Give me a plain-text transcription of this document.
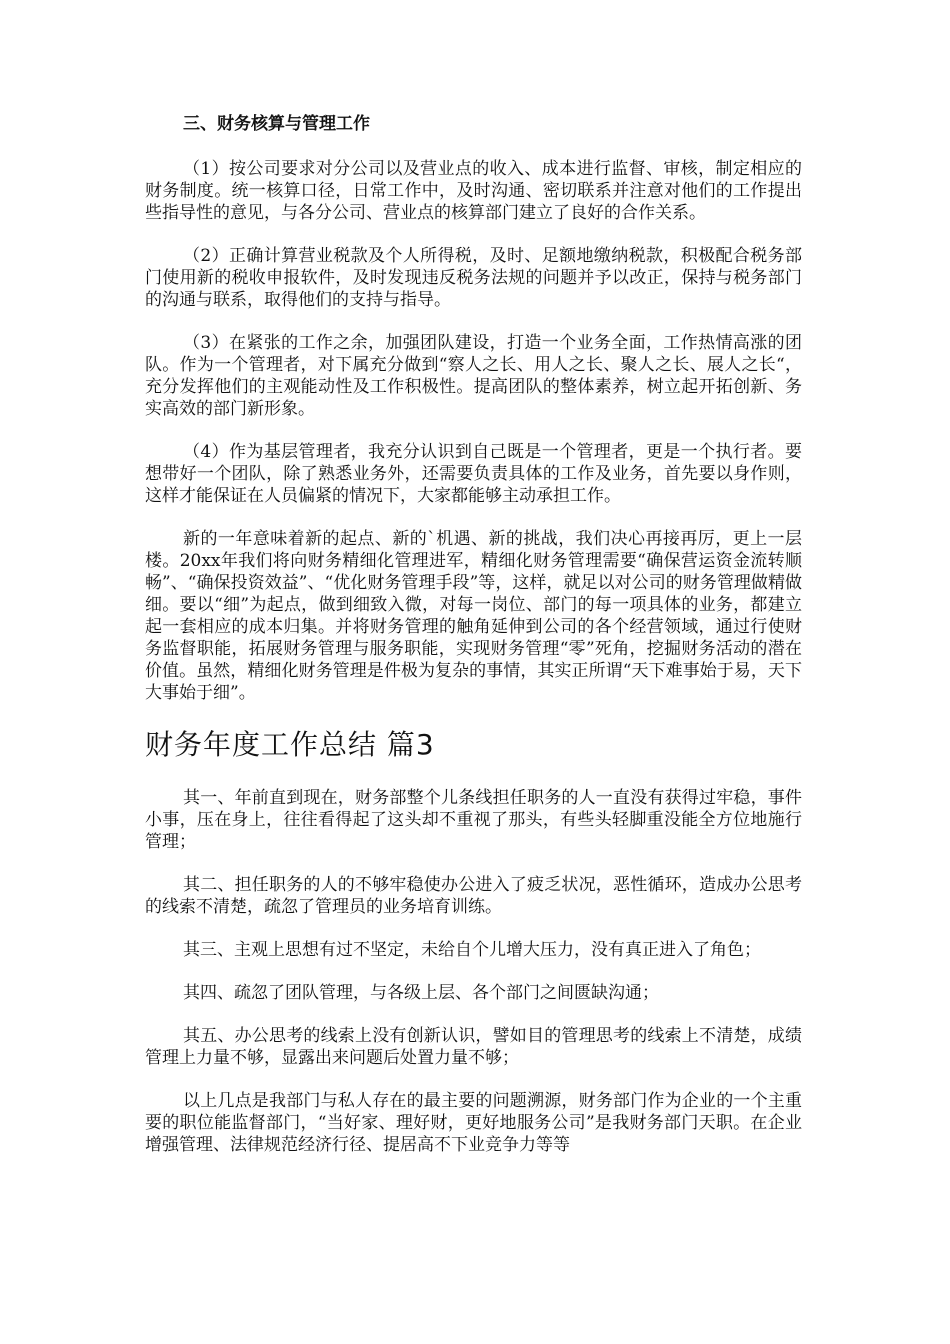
三、财务核算与管理工作

（1）按公司要求对分公司以及营业点的收入、成本进行监督、审核，制定相应的财务制度。统一核算口径，日常工作中，及时沟通、密切联系并注意对他们的工作提出些指导性的意见，与各分公司、营业点的核算部门建立了良好的合作关系。

（2）正确计算营业税款及个人所得税，及时、足额地缴纳税款，积极配合税务部门使用新的税收申报软件，及时发现违反税务法规的问题并予以改正，保持与税务部门的沟通与联系，取得他们的支持与指导。

（3）在紧张的工作之余，加强团队建设，打造一个业务全面，工作热情高涨的团队。作为一个管理者，对下属充分做到“察人之长、用人之长、聚人之长、展人之长“，充分发挥他们的主观能动性及工作积极性。提高团队的整体素养，树立起开拓创新、务实高效的部门新形象。

（4）作为基层管理者，我充分认识到自己既是一个管理者，更是一个执行者。要想带好一个团队，除了熟悉业务外，还需要负责具体的工作及业务，首先要以身作则，这样才能保证在人员偏紧的情况下，大家都能够主动承担工作。

新的一年意味着新的起点、新的`机遇、新的挑战，我们决心再接再厉，更上一层楼。20xx年我们将向财务精细化管理进军，精细化财务管理需要“确保营运资金流转顺畅”、“确保投资效益”、“优化财务管理手段”等，这样，就足以对公司的财务管理做精做细。要以“细”为起点，做到细致入微，对每一岗位、部门的每一项具体的业务，都建立起一套相应的成本归集。并将财务管理的触角延伸到公司的各个经营领域，通过行使财务监督职能，拓展财务管理与服务职能，实现财务管理“零”死角，挖掘财务活动的潜在价值。虽然，精细化财务管理是件极为复杂的事情，其实正所谓“天下难事始于易，天下大事始于细”。

财务年度工作总结 篇3

其一、年前直到现在，财务部整个儿条线担任职务的人一直没有获得过牢稳，事件小事，压在身上，往往看得起了这头却不重视了那头，有些头轻脚重没能全方位地施行管理；

其二、担任职务的人的不够牢稳使办公进入了疲乏状况，恶性循环，造成办公思考的线索不清楚，疏忽了管理员的业务培育训练。

其三、主观上思想有过不坚定，未给自个儿增大压力，没有真正进入了角色；

其四、疏忽了团队管理，与各级上层、各个部门之间匮缺沟通；

其五、办公思考的线索上没有创新认识，譬如目的管理思考的线索上不清楚，成绩管理上力量不够，显露出来问题后处置力量不够；

以上几点是我部门与私人存在的最主要的问题溯源，财务部门作为企业的一个主重要的职位能监督部门，“当好家、理好财，更好地服务公司”是我财务部门天职。在企业增强管理、法律规范经济行径、提居高不下业竞争力等等
